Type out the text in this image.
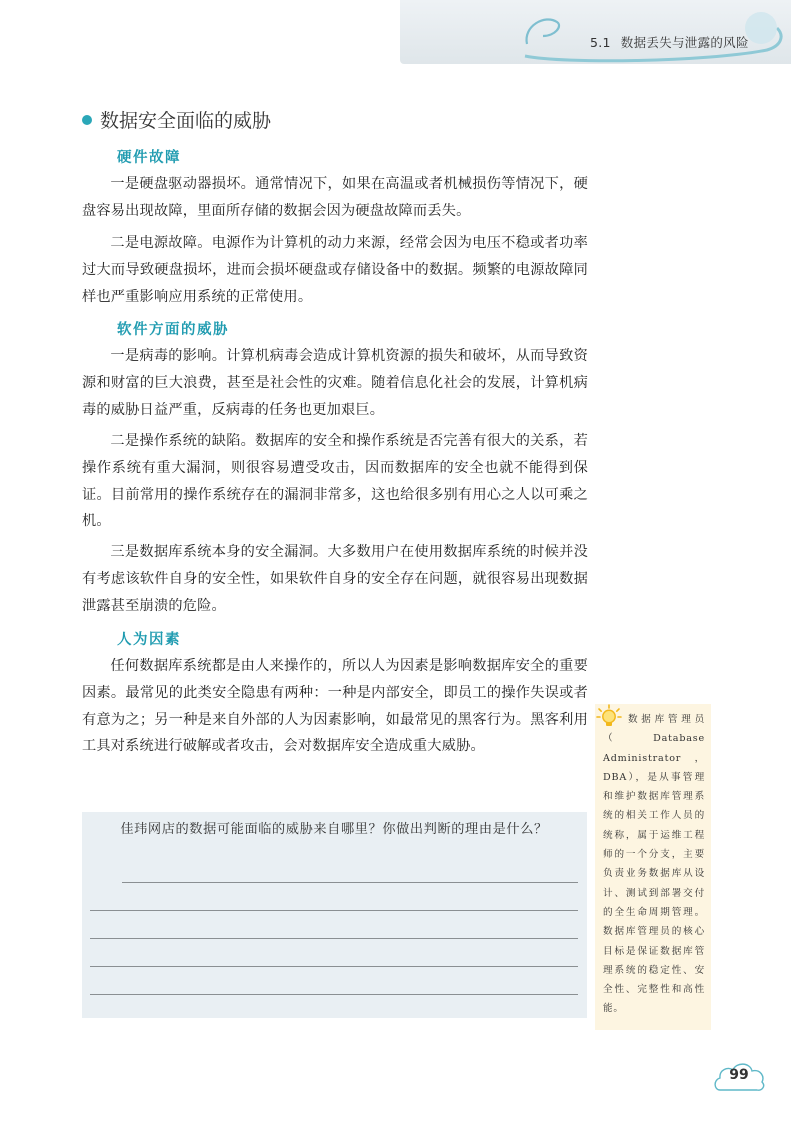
5.1 数据丢失与泄露的风险
数据安全面临的威胁
硬件故障
一是硬盘驱动器损坏。通常情况下，如果在高温或者机械损伤等情况下，硬盘容易出现故障，里面所存储的数据会因为硬盘故障而丢失。
二是电源故障。电源作为计算机的动力来源，经常会因为电压不稳或者功率过大而导致硬盘损坏，进而会损坏硬盘或存储设备中的数据。频繁的电源故障同样也严重影响应用系统的正常使用。
软件方面的威胁
一是病毒的影响。计算机病毒会造成计算机资源的损失和破坏，从而导致资源和财富的巨大浪费，甚至是社会性的灾难。随着信息化社会的发展，计算机病毒的威胁日益严重，反病毒的任务也更加艰巨。
二是操作系统的缺陷。数据库的安全和操作系统是否完善有很大的关系，若操作系统有重大漏洞，则很容易遭受攻击，因而数据库的安全也就不能得到保证。目前常用的操作系统存在的漏洞非常多，这也给很多别有用心之人以可乘之机。
三是数据库系统本身的安全漏洞。大多数用户在使用数据库系统的时候并没有考虑该软件自身的安全性，如果软件自身的安全存在问题，就很容易出现数据泄露甚至崩溃的危险。
人为因素
任何数据库系统都是由人来操作的，所以人为因素是影响数据库安全的重要因素。最常见的此类安全隐患有两种：一种是内部安全，即员工的操作失误或者有意为之；另一种是来自外部的人为因素影响，如最常见的黑客行为。黑客利用工具对系统进行破解或者攻击，会对数据库安全造成重大威胁。
数据库管理员（Database Administrator，DBA），是从事管理和维护数据库管理系统的相关工作人员的统称，属于运维工程师的一个分支，主要负责业务数据库从设计、测试到部署交付的全生命周期管理。数据库管理员的核心目标是保证数据库管理系统的稳定性、安全性、完整性和高性能。
佳玮网店的数据可能面临的威胁来自哪里？你做出判断的理由是什么？
99
